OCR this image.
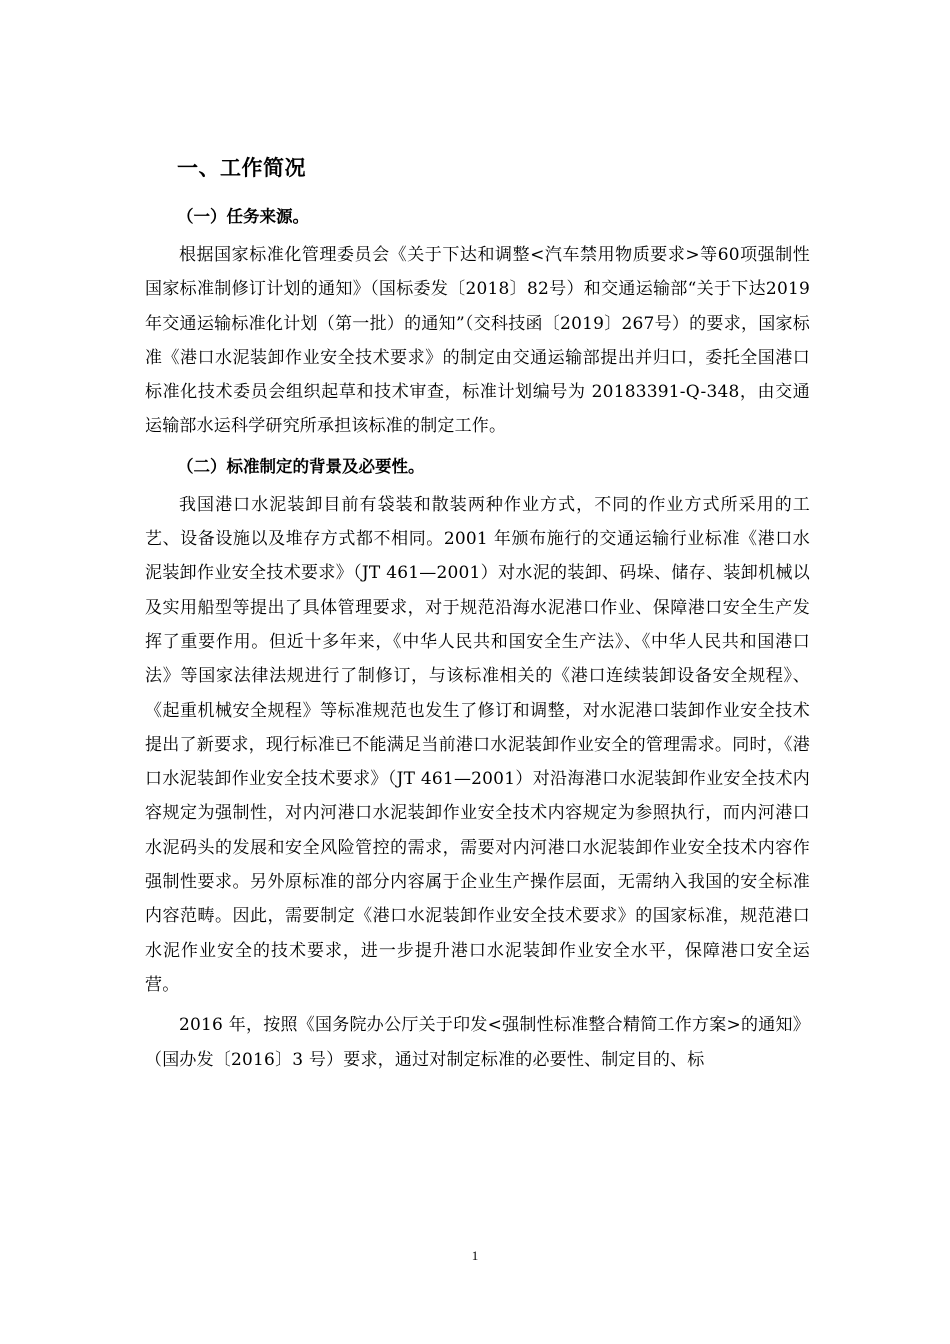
一、工作简况
（一）任务来源。

根据国家标准化管理委员会《关于下达和调整<汽车禁用物质要求>等60项强制性国家标准制修订计划的通知》（国标委发〔2018〕82号）和交通运输部“关于下达2019年交通运输标准化计划（第一批）的通知”（交科技函〔2019〕267号）的要求，国家标准《港口水泥装卸作业安全技术要求》的制定由交通运输部提出并归口，委托全国港口标准化技术委员会组织起草和技术审查，标准计划编号为 20183391-Q-348，由交通运输部水运科学研究所承担该标准的制定工作。

（二）标准制定的背景及必要性。

我国港口水泥装卸目前有袋装和散装两种作业方式，不同的作业方式所采用的工艺、设备设施以及堆存方式都不相同。2001 年颁布施行的交通运输行业标准《港口水泥装卸作业安全技术要求》（JT 461—2001）对水泥的装卸、码垛、储存、装卸机械以及实用船型等提出了具体管理要求，对于规范沿海水泥港口作业、保障港口安全生产发挥了重要作用。但近十多年来，《中华人民共和国安全生产法》、《中华人民共和国港口法》等国家法律法规进行了制修订，与该标准相关的《港口连续装卸设备安全规程》、《起重机械安全规程》等标准规范也发生了修订和调整，对水泥港口装卸作业安全技术提出了新要求，现行标准已不能满足当前港口水泥装卸作业安全的管理需求。同时，《港口水泥装卸作业安全技术要求》（JT 461—2001）对沿海港口水泥装卸作业安全技术内容规定为强制性，对内河港口水泥装卸作业安全技术内容规定为参照执行，而内河港口水泥码头的发展和安全风险管控的需求，需要对内河港口水泥装卸作业安全技术内容作强制性要求。另外原标准的部分内容属于企业生产操作层面，无需纳入我国的安全标准内容范畴。因此，需要制定《港口水泥装卸作业安全技术要求》的国家标准，规范港口水泥作业安全的技术要求，进一步提升港口水泥装卸作业安全水平，保障港口安全运营。

2016 年，按照《国务院办公厅关于印发<强制性标准整合精简工作方案>的通知》（国办发〔2016〕3 号）要求，通过对制定标准的必要性、制定目的、标

1
